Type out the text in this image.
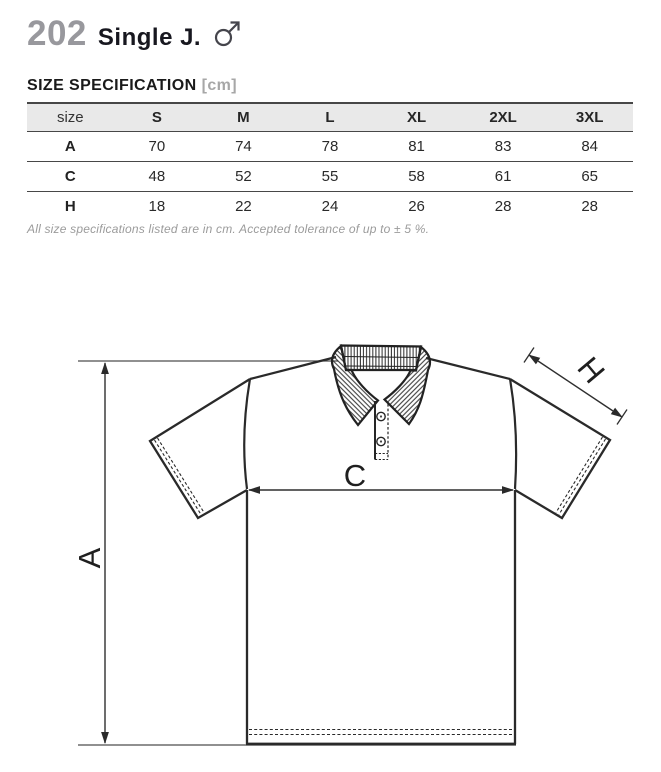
202 Single J.
SIZE SPECIFICATION [cm]
size	S	M	L	XL	2XL	3XL
A	70	74	78	81	83	84
C	48	52	55	58	61	65
H	18	22	24	26	28	28
All size specifications listed are in cm. Accepted tolerance of up to ± 5 %.
A
C
H
